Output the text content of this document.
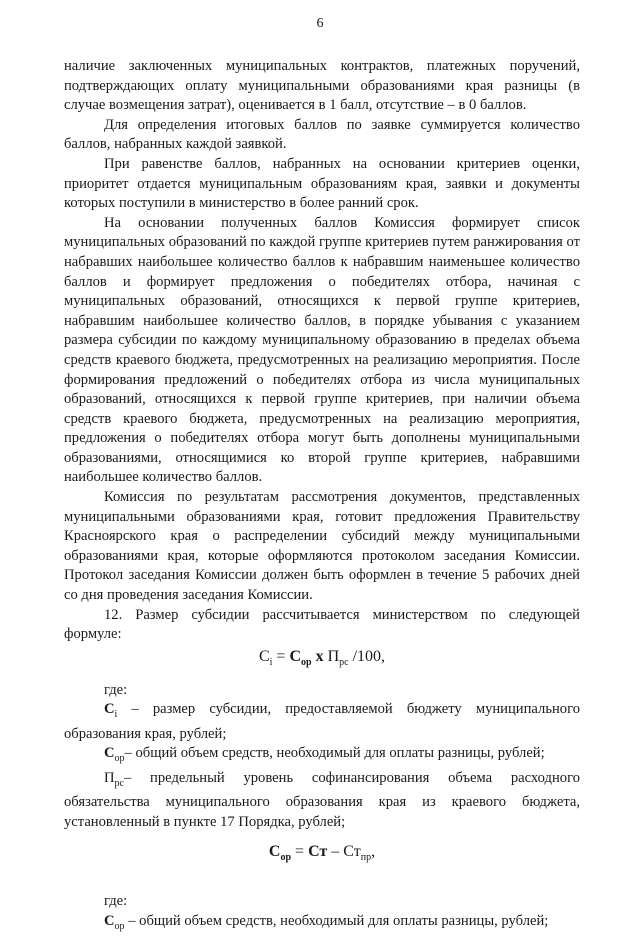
6

наличие заключенных муниципальных контрактов, платежных поручений, подтверждающих оплату муниципальными образованиями края разницы (в случае возмещения затрат), оценивается в 1 балл, отсутствие – в 0 баллов.

Для определения итоговых баллов по заявке суммируется количество баллов, набранных каждой заявкой.

При равенстве баллов, набранных на основании критериев оценки, приоритет отдается муниципальным образованиям края, заявки и документы которых поступили в министерство в более ранний срок.

На основании полученных баллов Комиссия формирует список муниципальных образований по каждой группе критериев путем ранжирования от набравших наибольшее количество баллов к набравшим наименьшее количество баллов и формирует предложения о победителях отбора, начиная с муниципальных образований, относящихся к первой группе критериев, набравшим наибольшее количество баллов, в порядке убывания с указанием размера субсидии по каждому муниципальному образованию в пределах объема средств краевого бюджета, предусмотренных на реализацию мероприятия. После формирования предложений о победителях отбора из числа муниципальных образований, относящихся к первой группе критериев, при наличии объема средств краевого бюджета, предусмотренных на реализацию мероприятия, предложения о победителях отбора могут быть дополнены муниципальными образованиями, относящимися ко второй группе критериев, набравшими наибольшее количество баллов.

Комиссия по результатам рассмотрения документов, представленных муниципальными образованиями края, готовит предложения Правительству Красноярского края о распределении субсидий между муниципальными образованиями края, которые оформляются протоколом заседания Комиссии. Протокол заседания Комиссии должен быть оформлен в течение 5 рабочих дней со дня проведения заседания Комиссии.

12. Размер субсидии рассчитывается министерством по следующей формуле:

$C_i = C_{ор}$ x $П_{рс}$ /100,

где:

$C_i$ – размер субсидии, предоставляемой бюджету муниципального образования края, рублей;

$C_{ор}-$ общий объем средств, необходимый для оплаты разницы, рублей;

$П_{рс}-$ предельный уровень софинансирования объема расходного обязательства муниципального образования края из краевого бюджета, установленный в пункте 17 Порядка, рублей;

$C_{ор}$ = Ст – $Ст_{пр}$,

где:

$C_{ор}$ – общий объем средств, необходимый для оплаты разницы, рублей;
